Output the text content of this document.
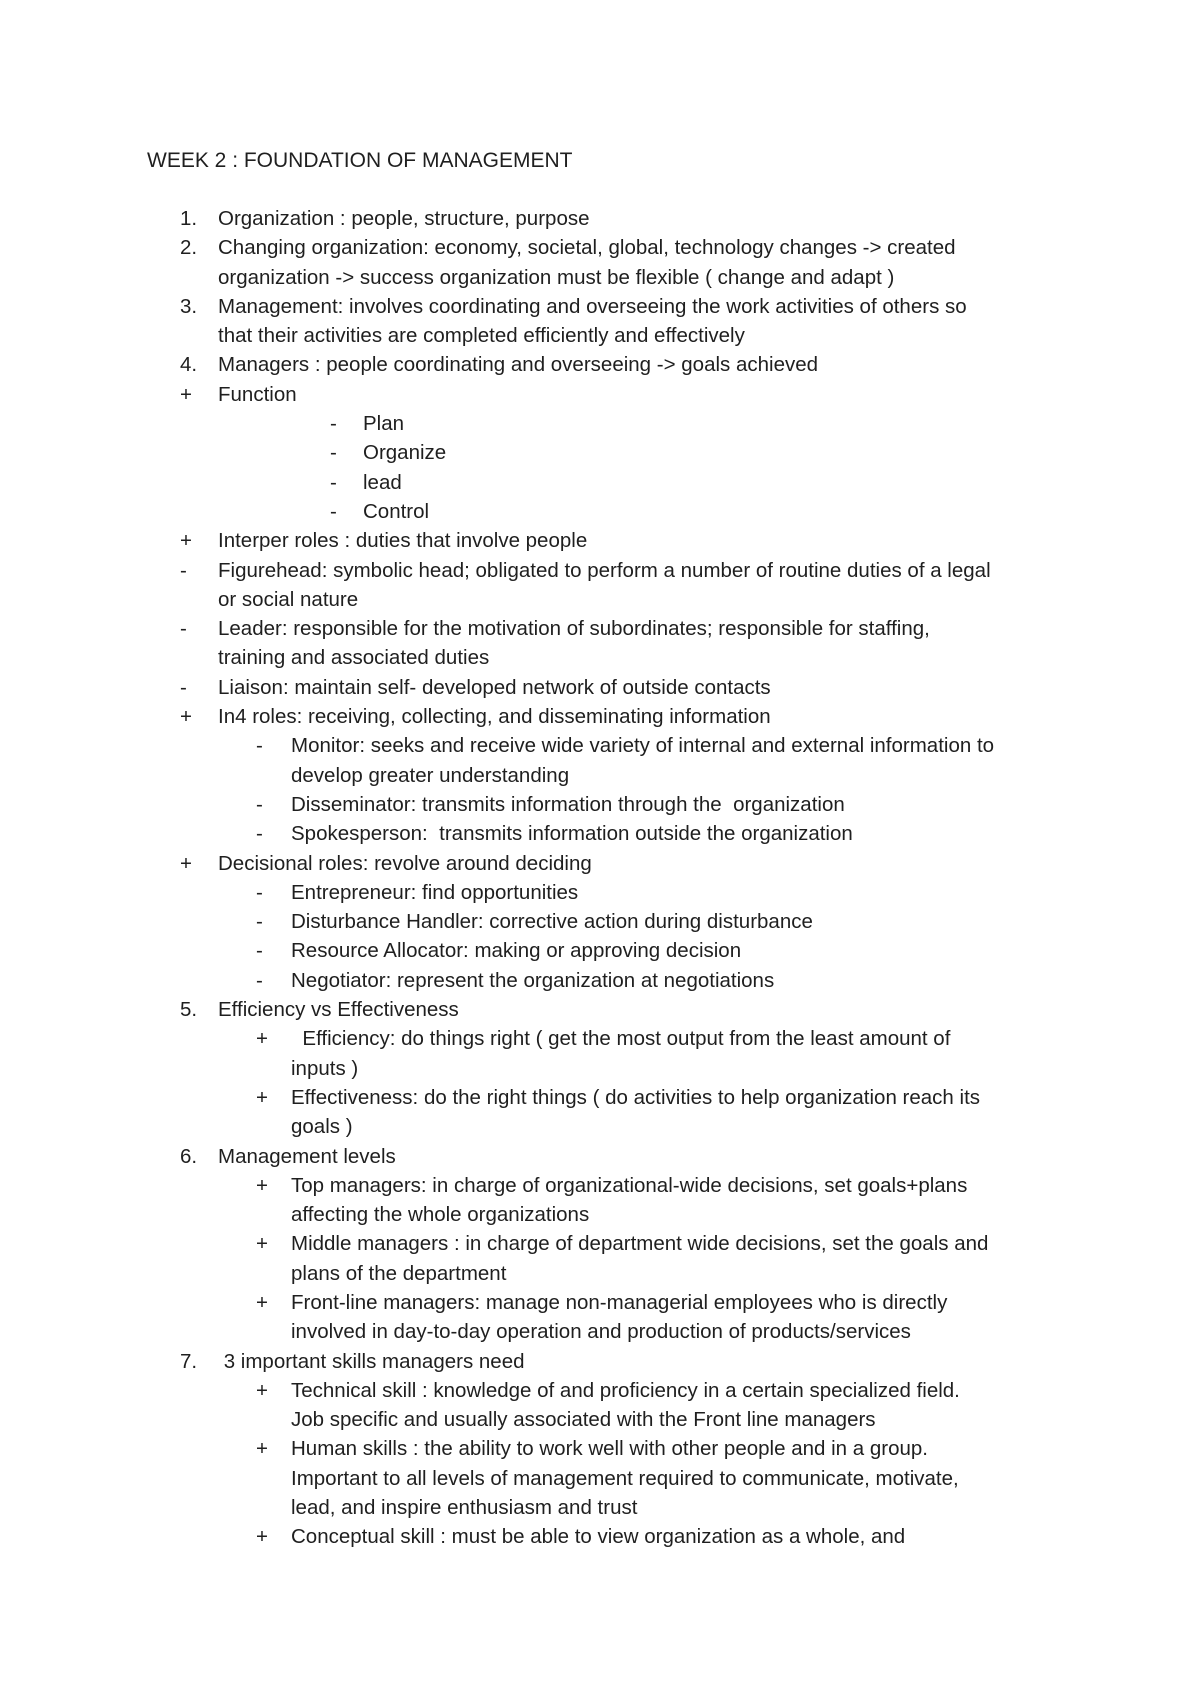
WEEK 2 : FOUNDATION OF MANAGEMENT
1. Organization : people, structure, purpose
2. Changing organization: economy, societal, global, technology changes -> created
organization -> success organization must be flexible ( change and adapt )
3. Management: involves coordinating and overseeing the work activities of others so
that their activities are completed efficiently and effectively
4. Managers : people coordinating and overseeing -> goals achieved
+ Function
- Plan
- Organize
- lead
- Control
+ Interper roles : duties that involve people
- Figurehead: symbolic head; obligated to perform a number of routine duties of a legal
or social nature
- Leader: responsible for the motivation of subordinates; responsible for staffing,
training and associated duties
- Liaison: maintain self- developed network of outside contacts
+ In4 roles: receiving, collecting, and disseminating information
- Monitor: seeks and receive wide variety of internal and external information to
develop greater understanding
- Disseminator: transmits information through the  organization
- Spokesperson:  transmits information outside the organization
+ Decisional roles: revolve around deciding
- Entrepreneur: find opportunities
- Disturbance Handler: corrective action during disturbance
- Resource Allocator: making or approving decision
- Negotiator: represent the organization at negotiations
5. Efficiency vs Effectiveness
+ Efficiency: do things right ( get the most output from the least amount of
inputs )
+ Effectiveness: do the right things ( do activities to help organization reach its
goals )
6. Management levels
+ Top managers: in charge of organizational-wide decisions, set goals+plans
affecting the whole organizations
+ Middle managers : in charge of department wide decisions, set the goals and
plans of the department
+ Front-line managers: manage non-managerial employees who is directly
involved in day-to-day operation and production of products/services
7. 3 important skills managers need
+ Technical skill : knowledge of and proficiency in a certain specialized field.
Job specific and usually associated with the Front line managers
+ Human skills : the ability to work well with other people and in a group.
Important to all levels of management required to communicate, motivate,
lead, and inspire enthusiasm and trust
+ Conceptual skill : must be able to view organization as a whole, and
